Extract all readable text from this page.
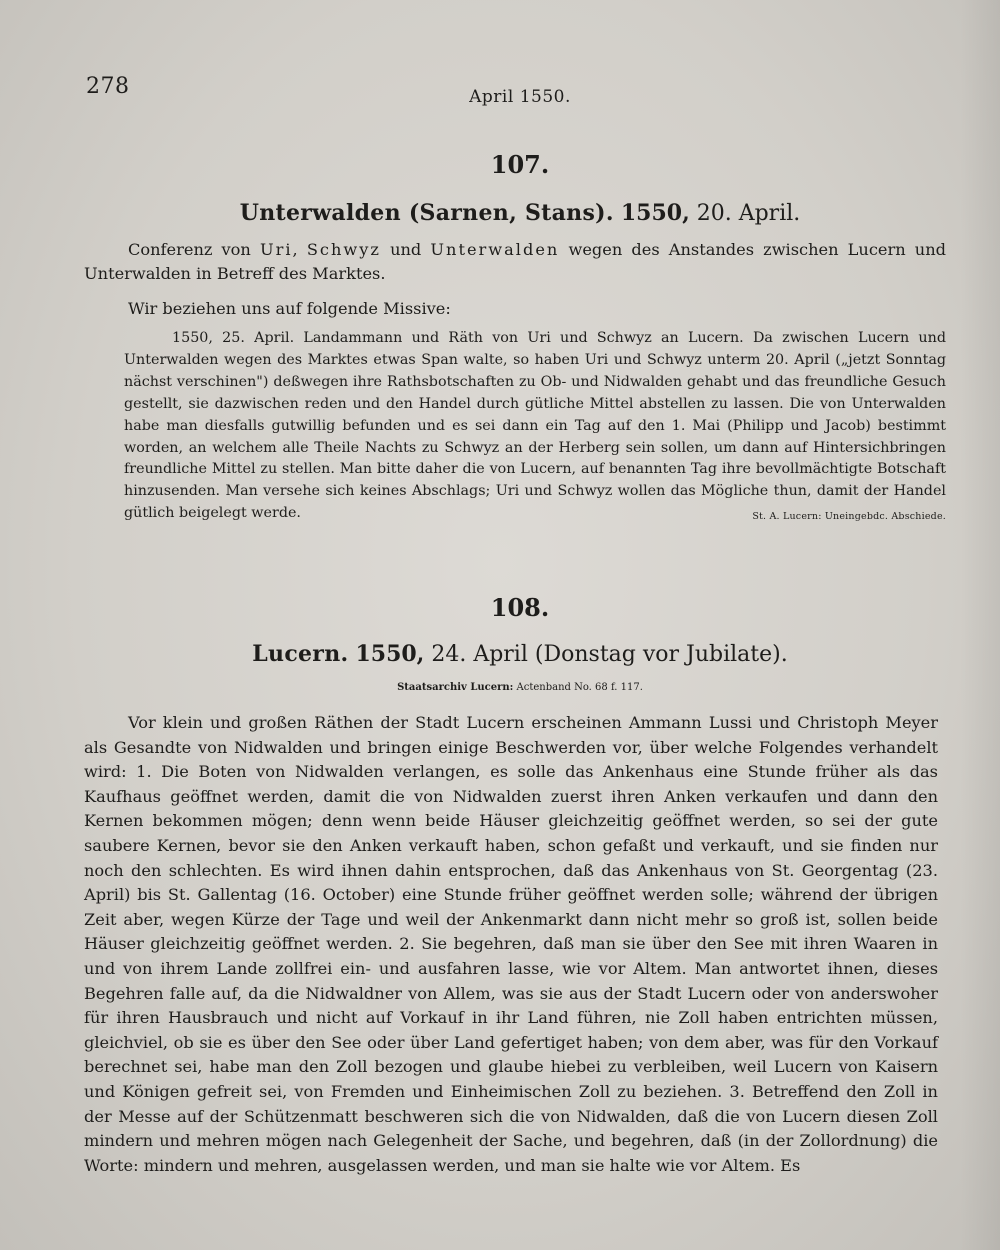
278	April 1550.
107.
Unterwalden (Sarnen, Stans). 1550, 20. April.
Conferenz von Uri, Schwyz und Unterwalden wegen des Anstandes zwischen Lucern und Unterwalden in Betreff des Marktes.
Wir beziehen uns auf folgende Missive:
1550, 25. April. Landammann und Räth von Uri und Schwyz an Lucern. Da zwischen Lucern und Unterwalden wegen des Marktes etwas Span walte, so haben Uri und Schwyz unterm 20. April („jetzt Sonntag nächst verschinen") deßwegen ihre Rathsbotschaften zu Ob- und Nidwalden gehabt und das freundliche Gesuch gestellt, sie dazwischen reden und den Handel durch gütliche Mittel abstellen zu lassen. Die von Unterwalden habe man diesfalls gutwillig befunden und es sei dann ein Tag auf den 1. Mai (Philipp und Jacob) bestimmt worden, an welchem alle Theile Nachts zu Schwyz an der Herberg sein sollen, um dann auf Hintersichbringen freundliche Mittel zu stellen. Man bitte daher die von Lucern, auf benannten Tag ihre bevollmächtigte Botschaft hinzusenden. Man versehe sich keines Abschlags; Uri und Schwyz wollen das Mögliche thun, damit der Handel gütlich beigelegt werde.	St. A. Lucern: Uneingebdc. Abschiede.
108.
Lucern. 1550, 24. April (Donstag vor Jubilate).
Staatsarchiv Lucern: Actenband No. 68 f. 117.
Vor klein und großen Räthen der Stadt Lucern erscheinen Ammann Lussi und Christoph Meyer als Gesandte von Nidwalden und bringen einige Beschwerden vor, über welche Folgendes verhandelt wird: 1. Die Boten von Nidwalden verlangen, es solle das Ankenhaus eine Stunde früher als das Kaufhaus geöffnet werden, damit die von Nidwalden zuerst ihren Anken verkaufen und dann den Kernen bekommen mögen; denn wenn beide Häuser gleichzeitig geöffnet werden, so sei der gute saubere Kernen, bevor sie den Anken verkauft haben, schon gefaßt und verkauft, und sie finden nur noch den schlechten. Es wird ihnen dahin entsprochen, daß das Ankenhaus von St. Georgentag (23. April) bis St. Gallentag (16. October) eine Stunde früher geöffnet werden solle; während der übrigen Zeit aber, wegen Kürze der Tage und weil der Ankenmarkt dann nicht mehr so groß ist, sollen beide Häuser gleichzeitig geöffnet werden. 2. Sie begehren, daß man sie über den See mit ihren Waaren in und von ihrem Lande zollfrei ein- und ausfahren lasse, wie vor Altem. Man antwortet ihnen, dieses Begehren falle auf, da die Nidwaldner von Allem, was sie aus der Stadt Lucern oder von anderswoher für ihren Hausbrauch und nicht auf Vorkauf in ihr Land führen, nie Zoll haben entrichten müssen, gleichviel, ob sie es über den See oder über Land gefertiget haben; von dem aber, was für den Vorkauf berechnet sei, habe man den Zoll bezogen und glaube hiebei zu verbleiben, weil Lucern von Kaisern und Königen gefreit sei, von Fremden und Einheimischen Zoll zu beziehen. 3. Betreffend den Zoll in der Messe auf der Schützenmatt beschweren sich die von Nidwalden, daß die von Lucern diesen Zoll mindern und mehren mögen nach Gelegenheit der Sache, und begehren, daß (in der Zollordnung) die Worte: mindern und mehren, ausgelassen werden, und man sie halte wie vor Altem. Es
